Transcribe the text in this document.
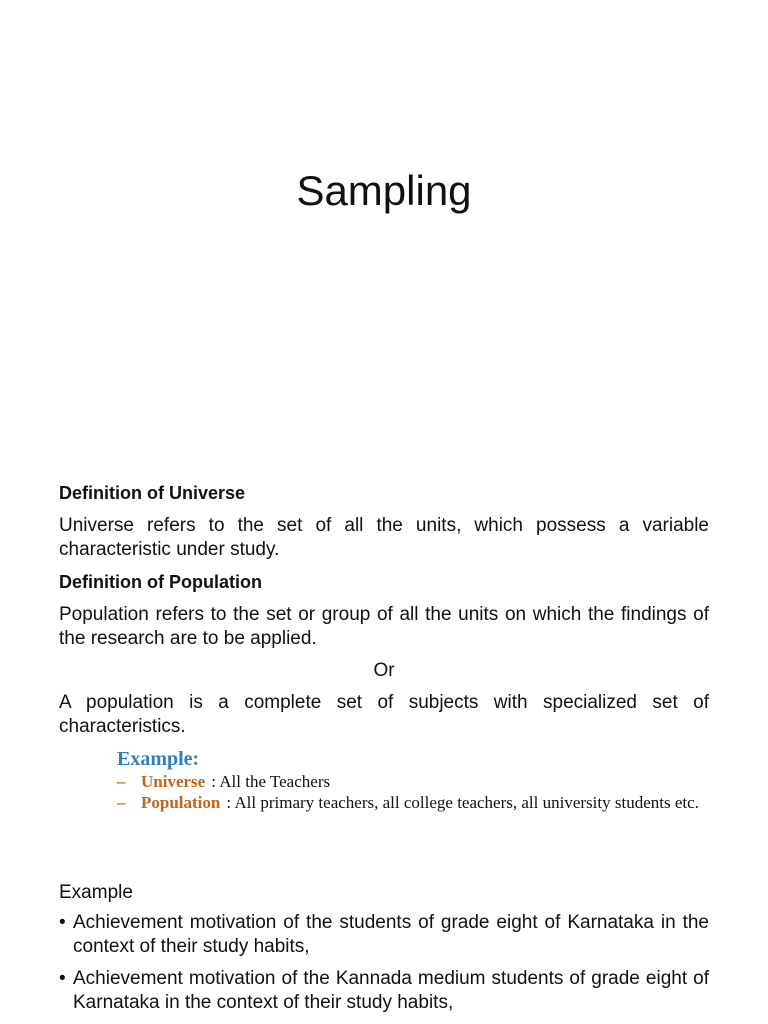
Sampling
Definition of Universe
Universe refers to the set of all the units, which possess a variable characteristic under study.
Definition of Population
Population refers to the set or group of all the units on which the findings of the research are to be applied.
Or
A population is a complete set of subjects with specialized set of characteristics.
Example:
– Universe : All the Teachers
– Population : All primary teachers, all college teachers, all university students etc.
Example
• Achievement motivation of the students of grade eight of Karnataka in the context of their study habits,
• Achievement motivation of the Kannada medium students of grade eight of Karnataka in the context of their study habits,
